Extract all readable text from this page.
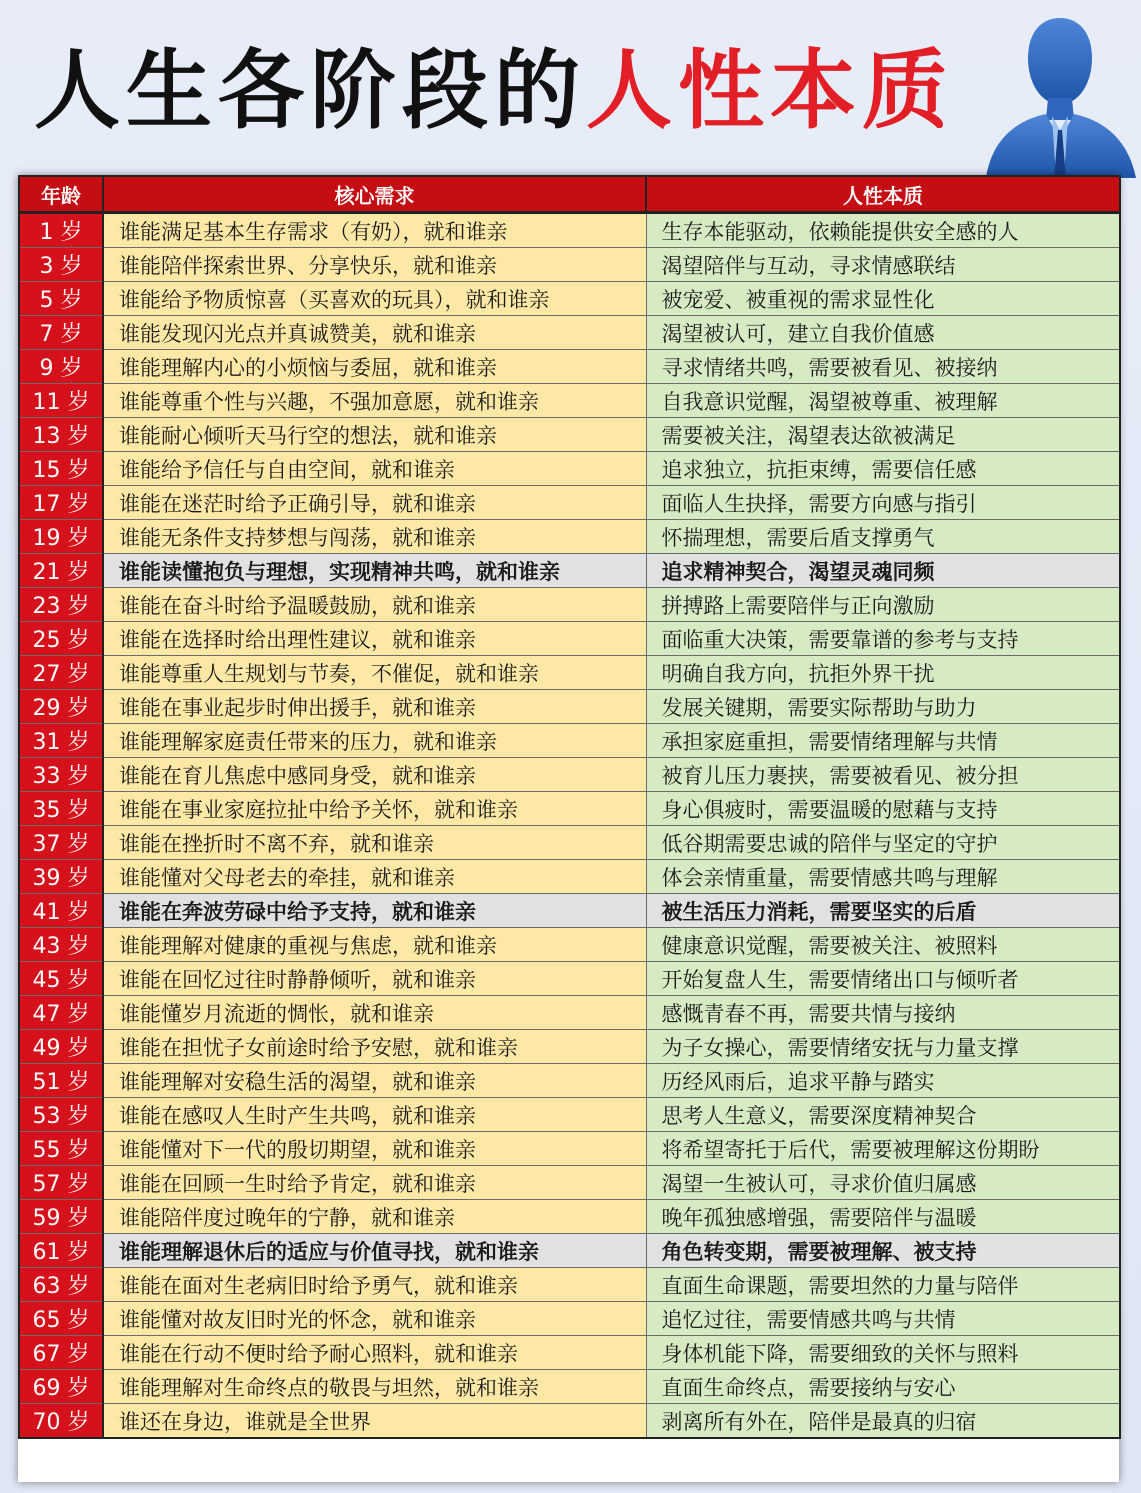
人生各阶段的人性本质
年龄	核心需求	人性本质
1 岁	谁能满足基本生存需求（有奶），就和谁亲	生存本能驱动，依赖能提供安全感的人
3 岁	谁能陪伴探索世界、分享快乐，就和谁亲	渴望陪伴与互动，寻求情感联结
5 岁	谁能给予物质惊喜（买喜欢的玩具），就和谁亲	被宠爱、被重视的需求显性化
7 岁	谁能发现闪光点并真诚赞美，就和谁亲	渴望被认可，建立自我价值感
9 岁	谁能理解内心的小烦恼与委屈，就和谁亲	寻求情绪共鸣，需要被看见、被接纳
11 岁	谁能尊重个性与兴趣，不强加意愿，就和谁亲	自我意识觉醒，渴望被尊重、被理解
13 岁	谁能耐心倾听天马行空的想法，就和谁亲	需要被关注，渴望表达欲被满足
15 岁	谁能给予信任与自由空间，就和谁亲	追求独立，抗拒束缚，需要信任感
17 岁	谁能在迷茫时给予正确引导，就和谁亲	面临人生抉择，需要方向感与指引
19 岁	谁能无条件支持梦想与闯荡，就和谁亲	怀揣理想，需要后盾支撑勇气
21 岁	谁能读懂抱负与理想，实现精神共鸣，就和谁亲	追求精神契合，渴望灵魂同频
23 岁	谁能在奋斗时给予温暖鼓励，就和谁亲	拼搏路上需要陪伴与正向激励
25 岁	谁能在选择时给出理性建议，就和谁亲	面临重大决策，需要靠谱的参考与支持
27 岁	谁能尊重人生规划与节奏，不催促，就和谁亲	明确自我方向，抗拒外界干扰
29 岁	谁能在事业起步时伸出援手，就和谁亲	发展关键期，需要实际帮助与助力
31 岁	谁能理解家庭责任带来的压力，就和谁亲	承担家庭重担，需要情绪理解与共情
33 岁	谁能在育儿焦虑中感同身受，就和谁亲	被育儿压力裹挟，需要被看见、被分担
35 岁	谁能在事业家庭拉扯中给予关怀，就和谁亲	身心俱疲时，需要温暖的慰藉与支持
37 岁	谁能在挫折时不离不弃，就和谁亲	低谷期需要忠诚的陪伴与坚定的守护
39 岁	谁能懂对父母老去的牵挂，就和谁亲	体会亲情重量，需要情感共鸣与理解
41 岁	谁能在奔波劳碌中给予支持，就和谁亲	被生活压力消耗，需要坚实的后盾
43 岁	谁能理解对健康的重视与焦虑，就和谁亲	健康意识觉醒，需要被关注、被照料
45 岁	谁能在回忆过往时静静倾听，就和谁亲	开始复盘人生，需要情绪出口与倾听者
47 岁	谁能懂岁月流逝的惆怅，就和谁亲	感慨青春不再，需要共情与接纳
49 岁	谁能在担忧子女前途时给予安慰，就和谁亲	为子女操心，需要情绪安抚与力量支撑
51 岁	谁能理解对安稳生活的渴望，就和谁亲	历经风雨后，追求平静与踏实
53 岁	谁能在感叹人生时产生共鸣，就和谁亲	思考人生意义，需要深度精神契合
55 岁	谁能懂对下一代的殷切期望，就和谁亲	将希望寄托于后代，需要被理解这份期盼
57 岁	谁能在回顾一生时给予肯定，就和谁亲	渴望一生被认可，寻求价值归属感
59 岁	谁能陪伴度过晚年的宁静，就和谁亲	晚年孤独感增强，需要陪伴与温暖
61 岁	谁能理解退休后的适应与价值寻找，就和谁亲	角色转变期，需要被理解、被支持
63 岁	谁能在面对生老病旧时给予勇气，就和谁亲	直面生命课题，需要坦然的力量与陪伴
65 岁	谁能懂对故友旧时光的怀念，就和谁亲	追忆过往，需要情感共鸣与共情
67 岁	谁能在行动不便时给予耐心照料，就和谁亲	身体机能下降，需要细致的关怀与照料
69 岁	谁能理解对生命终点的敬畏与坦然，就和谁亲	直面生命终点，需要接纳与安心
70 岁	谁还在身边，谁就是全世界	剥离所有外在，陪伴是最真的归宿
